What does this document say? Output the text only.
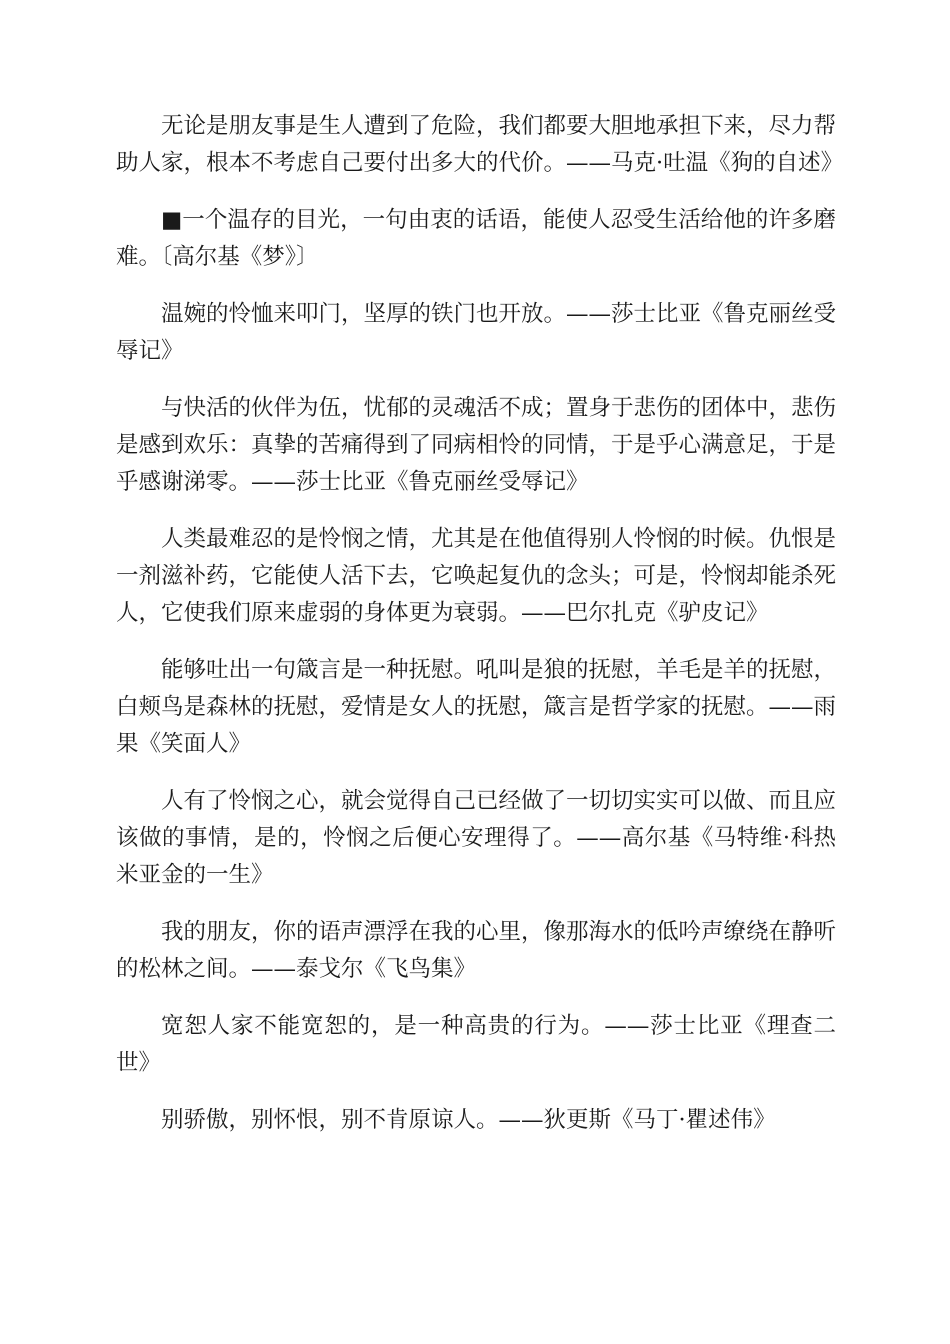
无论是朋友事是生人遭到了危险，我们都要大胆地承担下来，尽力帮助人家，根本不考虑自己要付出多大的代价。——马克·吐温《狗的自述》

■一个温存的目光，一句由衷的话语，能使人忍受生活给他的许多磨难。〔高尔基《梦》〕

温婉的怜恤来叩门，坚厚的铁门也开放。——莎士比亚《鲁克丽丝受辱记》

与快活的伙伴为伍，忧郁的灵魂活不成；置身于悲伤的团体中，悲伤是感到欢乐：真挚的苦痛得到了同病相怜的同情，于是乎心满意足，于是乎感谢涕零。——莎士比亚《鲁克丽丝受辱记》

人类最难忍的是怜悯之情，尤其是在他值得别人怜悯的时候。仇恨是一剂滋补药，它能使人活下去，它唤起复仇的念头；可是，怜悯却能杀死人，它使我们原来虚弱的身体更为衰弱。——巴尔扎克《驴皮记》

能够吐出一句箴言是一种抚慰。吼叫是狼的抚慰，羊毛是羊的抚慰，白颊鸟是森林的抚慰，爱情是女人的抚慰，箴言是哲学家的抚慰。——雨果《笑面人》

人有了怜悯之心，就会觉得自己已经做了一切切实实可以做、而且应该做的事情，是的，怜悯之后便心安理得了。——高尔基《马特维·科热米亚金的一生》

我的朋友，你的语声漂浮在我的心里，像那海水的低吟声缭绕在静听的松林之间。——泰戈尔《飞鸟集》

宽恕人家不能宽恕的，是一种高贵的行为。——莎士比亚《理查二世》

别骄傲，别怀恨，别不肯原谅人。——狄更斯《马丁·瞿述伟》
